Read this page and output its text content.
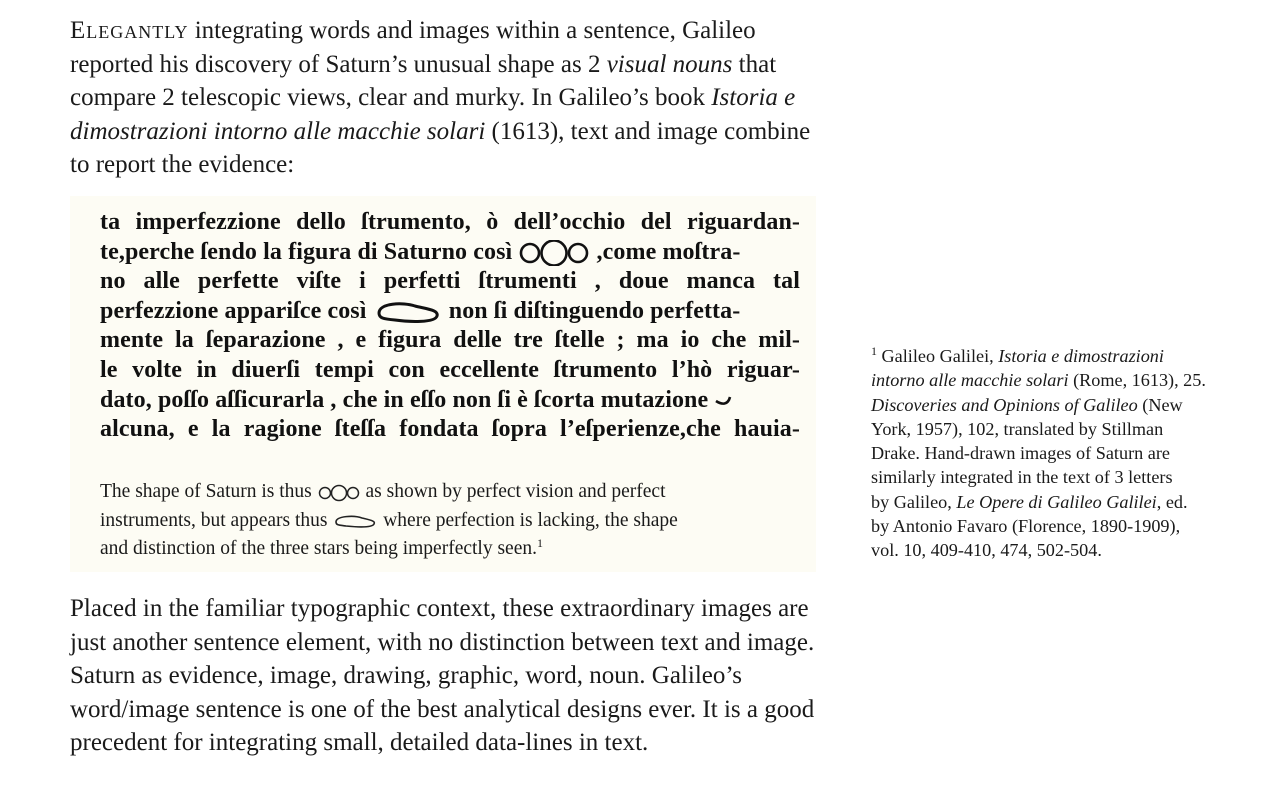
Elegantly integrating words and images within a sentence, Galileo reported his discovery of Saturn’s unusual shape as 2 visual nouns that compare 2 telescopic views, clear and murky. In Galileo’s book Istoria e dimostrazioni intorno alle macchie solari (1613), text and image combine to report the evidence:

ta imperfezzione dello ſtrumento, ò dell’occhio del riguardan-
te,perche ſendo la figura di Saturno così	,come moſtra-
no alle perfette viſte i perfetti ſtrumenti , doue manca tal
perfezzione appariſce così	non ſi diſtinguendo perfetta-
mente la ſeparazione , e figura delle tre ſtelle ; ma io che mil-
le volte in diuerſi tempi con eccellente ſtrumento l’hò riguar-
dato, poſſo aſſicurarla , che in eſſo non ſi è ſcorta mutazione
alcuna, e la ragione ſteſſa fondata ſopra l’eſperienze,che hauia-
The shape of Saturn is thus	as shown by perfect vision and perfect
instruments, but appears thus	where perfection is lacking, the shape
and distinction of the three stars being imperfectly seen.$^1$

Placed in the familiar typographic context, these extraordinary images are just another sentence element, with no distinction between text and image. Saturn as evidence, image, drawing, graphic, word, noun. Galileo’s word/image sentence is one of the best analytical designs ever. It is a good precedent for integrating small, detailed data-lines in text.

$^1$ Galileo Galilei, Istoria e dimostrazioni
intorno alle macchie solari (Rome, 1613), 25.
Discoveries and Opinions of Galileo (New
York, 1957), 102, translated by Stillman
Drake. Hand-drawn images of Saturn are
similarly integrated in the text of 3 letters
by Galileo, Le Opere di Galileo Galilei, ed.
by Antonio Favaro (Florence, 1890-1909),
vol. 10, 409-410, 474, 502-504.
